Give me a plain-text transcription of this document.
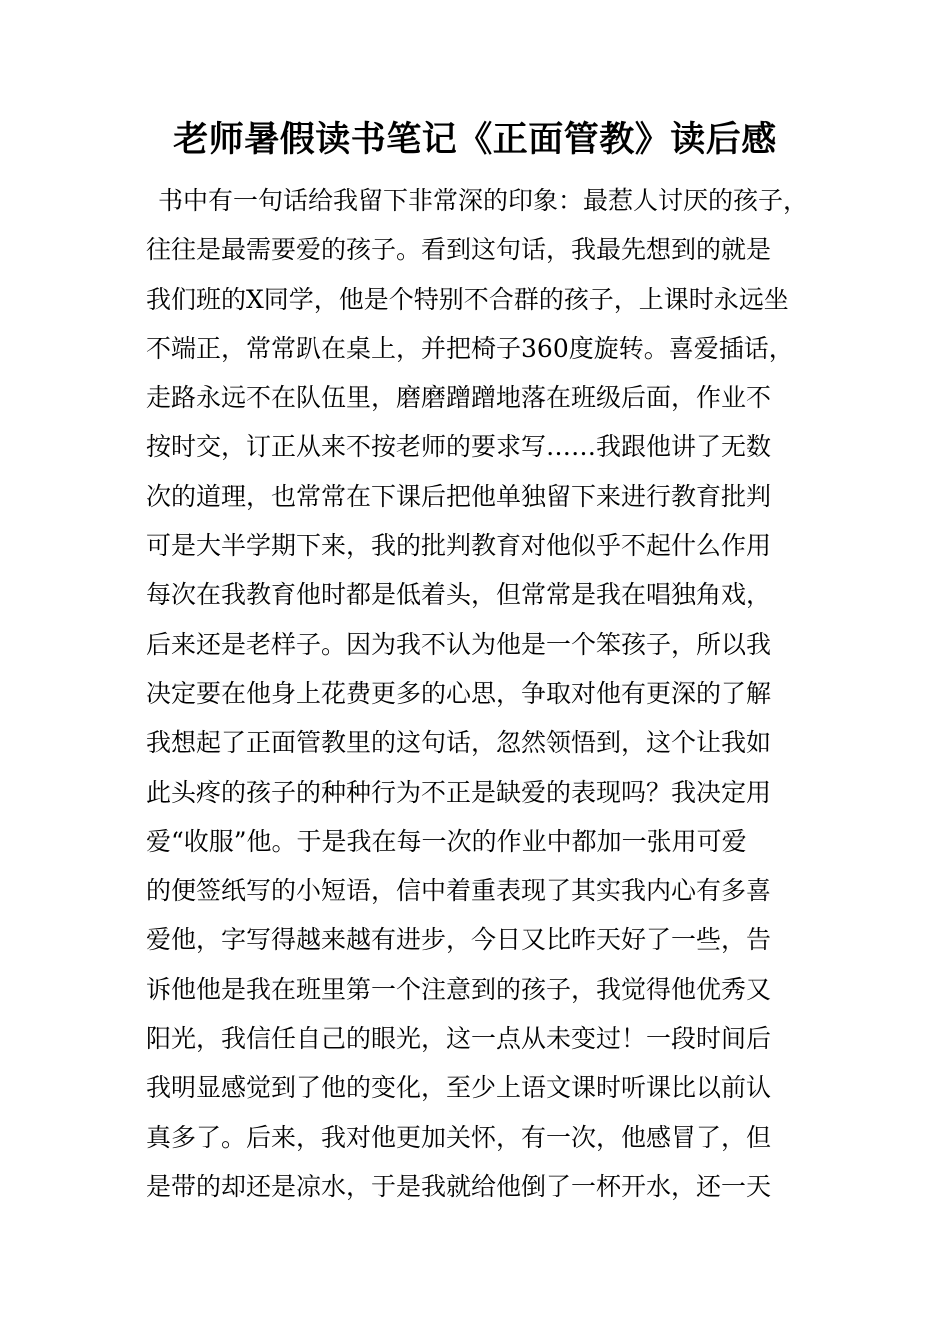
老师暑假读书笔记《正面管教》读后感
书中有一句话给我留下非常深的印象：最惹人讨厌的孩子，
往往是最需要爱的孩子。看到这句话，我最先想到的就是
我们班的X同学，他是个特别不合群的孩子，上课时永远坐
不端正，常常趴在桌上，并把椅子360度旋转。喜爱插话，
走路永远不在队伍里，磨磨蹭蹭地落在班级后面，作业不
按时交，订正从来不按老师的要求写……我跟他讲了无数
次的道理，也常常在下课后把他单独留下来进行教育批判
可是大半学期下来，我的批判教育对他似乎不起什么作用
每次在我教育他时都是低着头，但常常是我在唱独角戏，
后来还是老样子。因为我不认为他是一个笨孩子，所以我
决定要在他身上花费更多的心思，争取对他有更深的了解
我想起了正面管教里的这句话，忽然领悟到，这个让我如
此头疼的孩子的种种行为不正是缺爱的表现吗？我决定用
爱“收服”他。于是我在每一次的作业中都加一张用可爱
的便签纸写的小短语，信中着重表现了其实我内心有多喜
爱他，字写得越来越有进步，今日又比昨天好了一些，告
诉他他是我在班里第一个注意到的孩子，我觉得他优秀又
阳光，我信任自己的眼光，这一点从未变过！一段时间后
我明显感觉到了他的变化，至少上语文课时听课比以前认
真多了。后来，我对他更加关怀，有一次，他感冒了，但
是带的却还是凉水，于是我就给他倒了一杯开水，还一天
